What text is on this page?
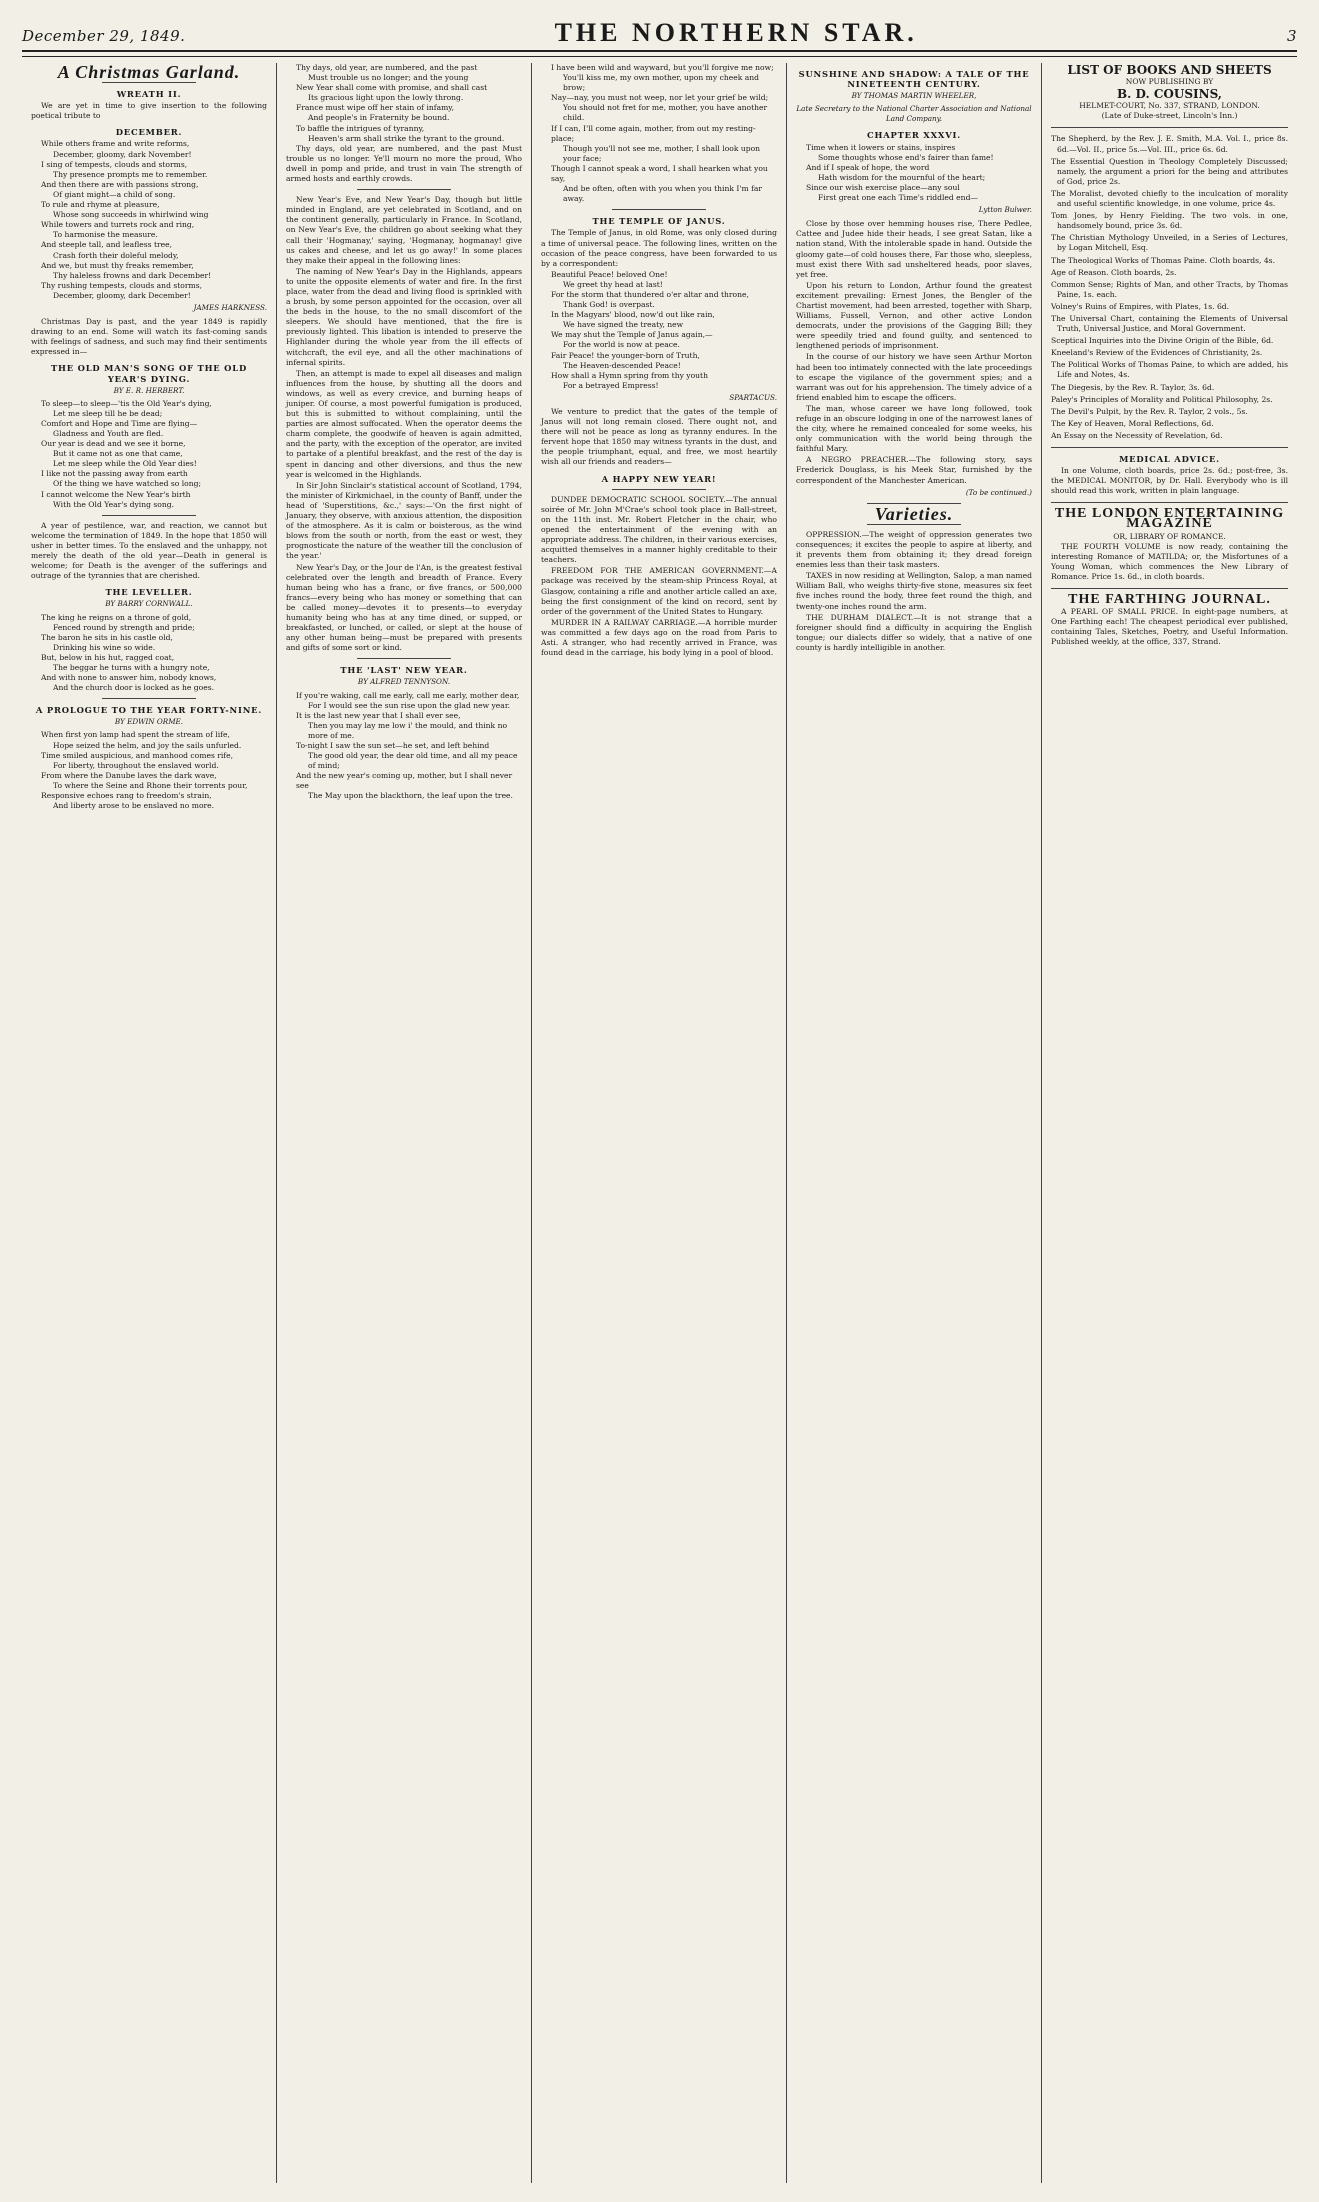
December 29, 1849.	THE NORTHERN STAR.	3
A Christmas Garland.
WREATH II.

We are yet in time to give insertion to the following poetical tribute to

DECEMBER.

While others frame and write reforms,

December, gloomy, dark November!

I sing of tempests, clouds and storms,

Thy presence prompts me to remember.

And then there are with passions strong,

Of giant might—a child of song.

To rule and rhyme at pleasure,

Whose song succeeds in whirlwind wing

While towers and turrets rock and ring,

To harmonise the measure.

And steeple tall, and leafless tree,

Crash forth their doleful melody,

And we, but must thy freaks remember,

Thy haleless frowns and dark December!

Thy rushing tempests, clouds and storms,

December, gloomy, dark December!

JAMES HARKNESS.

Christmas Day is past, and the year 1849 is rapidly drawing to an end. Some will watch its fast-coming sands with feelings of sadness, and such may find their sentiments expressed in—

THE OLD MAN'S SONG OF THE OLD YEAR'S DYING.
BY E. R. HERBERT.

To sleep—to sleep—'tis the Old Year's dying,

Let me sleep till he be dead;

Comfort and Hope and Time are flying—

Gladness and Youth are fled.

Our year is dead and we see it borne,

But it came not as one that came,

Let me sleep while the Old Year dies!

I like not the passing away from earth

Of the thing we have watched so long;

I cannot welcome the New Year's birth

With the Old Year's dying song.

A year of pestilence, war, and reaction, we cannot but welcome the termination of 1849. In the hope that 1850 will usher in better times. To the enslaved and the unhappy, not merely the death of the old year—Death in general is welcome; for Death is the avenger of the sufferings and outrage of the tyrannies that are cherished.

THE LEVELLER.
BY BARRY CORNWALL.

The king he reigns on a throne of gold,

Fenced round by strength and pride;

The baron he sits in his castle old,

Drinking his wine so wide.

But, below in his hut, ragged coat,

The beggar he turns with a hungry note,

And with none to answer him, nobody knows,

And the church door is locked as he goes.

A PROLOGUE TO THE YEAR FORTY-NINE.
BY EDWIN ORME.

When first yon lamp had spent the stream of life,

Hope seized the helm, and joy the sails unfurled.

Time smiled auspicious, and manhood comes rife,

For liberty, throughout the enslaved world.

From where the Danube laves the dark wave,

To where the Seine and Rhone their torrents pour,

Responsive echoes rang to freedom's strain,

And liberty arose to be enslaved no more.

Thy days, old year, are numbered, and the past

Must trouble us no longer; and the young

New Year shall come with promise, and shall cast

Its gracious light upon the lowly throng.

France must wipe off her stain of infamy,

And people's in Fraternity be bound.

To baffle the intrigues of tyranny,

Heaven's arm shall strike the tyrant to the ground.

Thy days, old year, are numbered, and the past Must trouble us no longer. Ye'll mourn no more the proud, Who dwell in pomp and pride, and trust in vain The strength of armed hosts and earthly crowds.

New Year's Eve, and New Year's Day, though but little minded in England, are yet celebrated in Scotland, and on the continent generally, particularly in France. In Scotland, on New Year's Eve, the children go about seeking what they call their 'Hogmanay,' saying, 'Hogmanay, hogmanay! give us cakes and cheese, and let us go away!' In some places they make their appeal in the following lines:

The naming of New Year's Day in the Highlands, appears to unite the opposite elements of water and fire. In the first place, water from the dead and living flood is sprinkled with a brush, by some person appointed for the occasion, over all the beds in the house, to the no small discomfort of the sleepers. We should have mentioned, that the fire is previously lighted. This libation is intended to preserve the Highlander during the whole year from the ill effects of witchcraft, the evil eye, and all the other machinations of infernal spirits.

Then, an attempt is made to expel all diseases and malign influences from the house, by shutting all the doors and windows, as well as every crevice, and burning heaps of juniper. Of course, a most powerful fumigation is produced, but this is submitted to without complaining, until the parties are almost suffocated. When the operator deems the charm complete, the goodwife of heaven is again admitted, and the party, with the exception of the operator, are invited to partake of a plentiful breakfast, and the rest of the day is spent in dancing and other diversions, and thus the new year is welcomed in the Highlands.

In Sir John Sinclair's statistical account of Scotland, 1794, the minister of Kirkmichael, in the county of Banff, under the head of 'Superstitions, &c.,' says:—'On the first night of January, they observe, with anxious attention, the disposition of the atmosphere. As it is calm or boisterous, as the wind blows from the south or north, from the east or west, they prognosticate the nature of the weather till the conclusion of the year.'

New Year's Day, or the Jour de l'An, is the greatest festival celebrated over the length and breadth of France. Every human being who has a franc, or five francs, or 500,000 francs—every being who has money or something that can be called money—devotes it to presents—to everyday humanity being who has at any time dined, or supped, or breakfasted, or lunched, or called, or slept at the house of any other human being—must be prepared with presents and gifts of some sort or kind.

THE 'LAST' NEW YEAR.
BY ALFRED TENNYSON.

If you're waking, call me early, call me early, mother dear,

For I would see the sun rise upon the glad new year.

It is the last new year that I shall ever see,

Then you may lay me low i' the mould, and think no more of me.

To-night I saw the sun set—he set, and left behind

The good old year, the dear old time, and all my peace of mind;

And the new year's coming up, mother, but I shall never see

The May upon the blackthorn, the leaf upon the tree.

I have been wild and wayward, but you'll forgive me now;

You'll kiss me, my own mother, upon my cheek and brow;

Nay—nay, you must not weep, nor let your grief be wild;

You should not fret for me, mother, you have another child.

If I can, I'll come again, mother, from out my resting-place;

Though you'll not see me, mother, I shall look upon your face;

Though I cannot speak a word, I shall hearken what you say,

And be often, often with you when you think I'm far away.

THE TEMPLE OF JANUS.

The Temple of Janus, in old Rome, was only closed during a time of universal peace. The following lines, written on the occasion of the peace congress, have been forwarded to us by a correspondent:

Beautiful Peace! beloved One!

We greet thy head at last!

For the storm that thundered o'er altar and throne,

Thank God! is overpast.

In the Magyars' blood, now'd out like rain,

We have signed the treaty, new

We may shut the Temple of Janus again,—

For the world is now at peace.

Fair Peace! the younger-born of Truth,

The Heaven-descended Peace!

How shall a Hymn spring from thy youth

For a betrayed Empress!

SPARTACUS.

We venture to predict that the gates of the temple of Janus will not long remain closed. There ought not, and there will not be peace as long as tyranny endures. In the fervent hope that 1850 may witness tyrants in the dust, and the people triumphant, equal, and free, we most heartily wish all our friends and readers—

A HAPPY NEW YEAR!

DUNDEE DEMOCRATIC SCHOOL SOCIETY.—The annual soirée of Mr. John M'Crae's school took place in Ball-street, on the 11th inst. Mr. Robert Fletcher in the chair, who opened the entertainment of the evening with an appropriate address. The children, in their various exercises, acquitted themselves in a manner highly creditable to their teachers.

FREEDOM FOR THE AMERICAN GOVERNMENT.—A package was received by the steam-ship Princess Royal, at Glasgow, containing a rifle and another article called an axe, being the first consignment of the kind on record, sent by order of the government of the United States to Hungary.

MURDER IN A RAILWAY CARRIAGE.—A horrible murder was committed a few days ago on the road from Paris to Asti. A stranger, who had recently arrived in France, was found dead in the carriage, his body lying in a pool of blood.

SUNSHINE AND SHADOW: A TALE OF THE NINETEENTH CENTURY.
BY THOMAS MARTIN WHEELER,
Late Secretary to the National Charter Association and National Land Company.
CHAPTER XXXVI.

Time when it lowers or stains, inspires

Some thoughts whose end's fairer than fame!

And if I speak of hope, the word

Hath wisdom for the mournful of the heart;

Since our wish exercise place—any soul

First great one each Time's riddled end—

Lytton Bulwer.

Close by those over hemming houses rise, There Pedlee, Cattee and Judee hide their heads, I see great Satan, like a nation stand, With the intolerable spade in hand. Outside the gloomy gate—of cold houses there, Far those who, sleepless, must exist there With sad unsheltered heads, poor slaves, yet free.

Upon his return to London, Arthur found the greatest excitement prevailing: Ernest Jones, the Bengler of the Chartist movement, had been arrested, together with Sharp, Williams, Fussell, Vernon, and other active London democrats, under the provisions of the Gagging Bill; they were speedily tried and found guilty, and sentenced to lengthened periods of imprisonment.

In the course of our history we have seen Arthur Morton had been too intimately connected with the late proceedings to escape the vigilance of the government spies; and a warrant was out for his apprehension. The timely advice of a friend enabled him to escape the officers.

The man, whose career we have long followed, took refuge in an obscure lodging in one of the narrowest lanes of the city, where he remained concealed for some weeks, his only communication with the world being through the faithful Mary.

A NEGRO PREACHER.—The following story, says Frederick Douglass, is his Meek Star, furnished by the correspondent of the Manchester American.

(To be continued.)
Varieties.

OPPRESSION.—The weight of oppression generates two consequences; it excites the people to aspire at liberty, and it prevents them from obtaining it; they dread foreign enemies less than their task masters.

TAXES in now residing at Wellington, Salop, a man named William Ball, who weighs thirty-five stone, measures six feet five inches round the body, three feet round the thigh, and twenty-one inches round the arm.

THE DURHAM DIALECT.—It is not strange that a foreigner should find a difficulty in acquiring the English tongue; our dialects differ so widely, that a native of one county is hardly intelligible in another.

LIST OF BOOKS AND SHEETS
NOW PUBLISHING BY
B. D. COUSINS,
HELMET-COURT, No. 337, STRAND, LONDON.
(Late of Duke-street, Lincoln's Inn.)

The Shepherd, by the Rev. J. E. Smith, M.A. Vol. I., price 8s. 6d.—Vol. II., price 5s.—Vol. III., price 6s. 6d.

The Essential Question in Theology Completely Discussed; namely, the argument a priori for the being and attributes of God, price 2s.

The Moralist, devoted chiefly to the inculcation of morality and useful scientific knowledge, in one volume, price 4s.

Tom Jones, by Henry Fielding. The two vols. in one, handsomely bound, price 3s. 6d.

The Christian Mythology Unveiled, in a Series of Lectures, by Logan Mitchell, Esq.

The Theological Works of Thomas Paine. Cloth boards, 4s.

Age of Reason. Cloth boards, 2s.

Common Sense; Rights of Man, and other Tracts, by Thomas Paine, 1s. each.

Volney's Ruins of Empires, with Plates, 1s. 6d.

The Universal Chart, containing the Elements of Universal Truth, Universal Justice, and Moral Government.

Sceptical Inquiries into the Divine Origin of the Bible, 6d.

Kneeland's Review of the Evidences of Christianity, 2s.

The Political Works of Thomas Paine, to which are added, his Life and Notes, 4s.

The Diegesis, by the Rev. R. Taylor, 3s. 6d.

Paley's Principles of Morality and Political Philosophy, 2s.

The Devil's Pulpit, by the Rev. R. Taylor, 2 vols., 5s.

The Key of Heaven, Moral Reflections, 6d.

An Essay on the Necessity of Revelation, 6d.

MEDICAL ADVICE.

In one Volume, cloth boards, price 2s. 6d.; post-free, 3s. the MEDICAL MONITOR, by Dr. Hall. Everybody who is ill should read this work, written in plain language.

THE LONDON ENTERTAINING MAGAZINE
OR, LIBRARY OF ROMANCE.

THE FOURTH VOLUME is now ready, containing the interesting Romance of MATILDA; or, the Misfortunes of a Young Woman, which commences the New Library of Romance. Price 1s. 6d., in cloth boards.

THE FARTHING JOURNAL.

A PEARL OF SMALL PRICE. In eight-page numbers, at One Farthing each! The cheapest periodical ever published, containing Tales, Sketches, Poetry, and Useful Information. Published weekly, at the office, 337, Strand.
